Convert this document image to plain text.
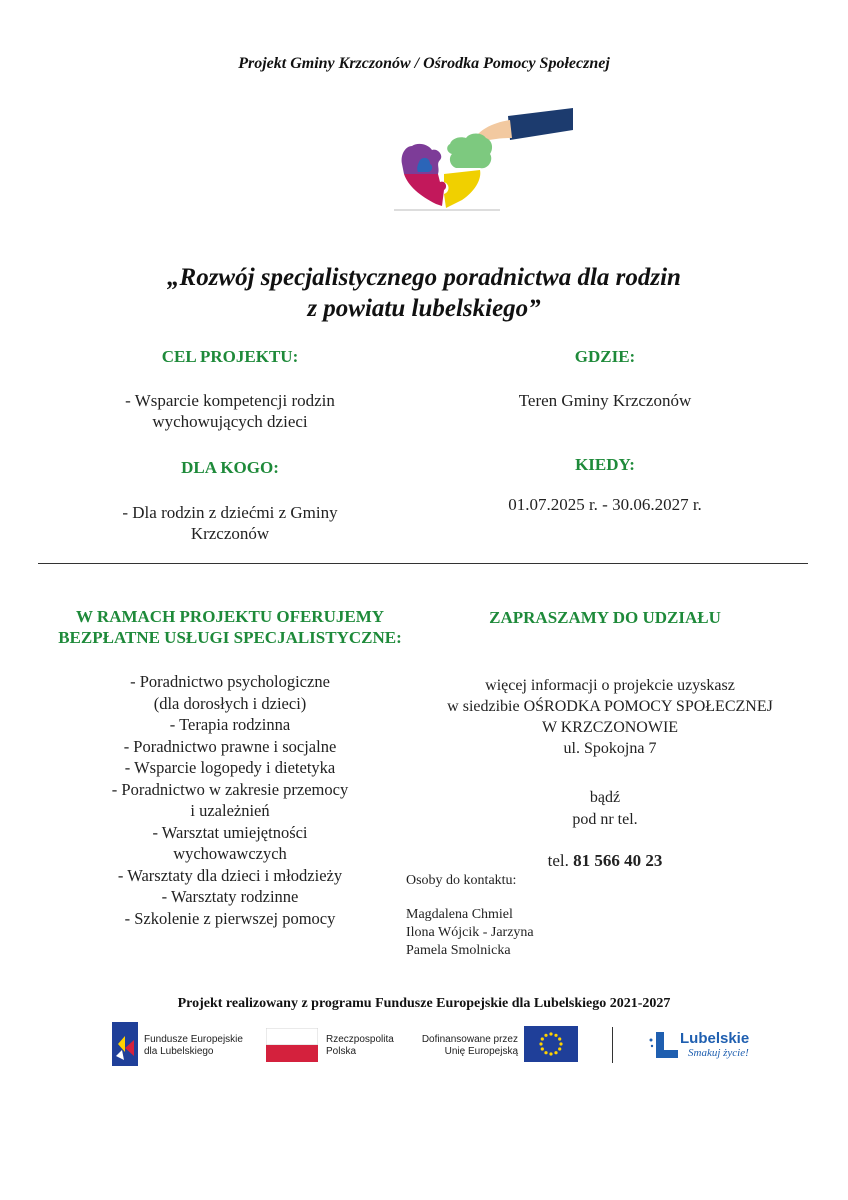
Projekt Gminy Krzczonów / Ośrodka Pomocy Społecznej
„Rozwój specjalistycznego poradnictwa dla rodzin
z powiatu lubelskiego”
CEL PROJEKTU:
- Wsparcie kompetencji rodzin
wychowujących dzieci
DLA KOGO:
- Dla rodzin z dziećmi z Gminy
Krzczonów
GDZIE:
Teren Gminy Krzczonów
KIEDY:
01.07.2025 r. - 30.06.2027 r.
W RAMACH PROJEKTU OFERUJEMY
BEZPŁATNE USŁUGI SPECJALISTYCZNE:
- Poradnictwo psychologiczne
(dla dorosłych i dzieci)
- Terapia rodzinna
- Poradnictwo prawne i socjalne
- Wsparcie logopedy i dietetyka
- Poradnictwo w zakresie przemocy
i uzależnień
- Warsztat umiejętności
wychowawczych
- Warsztaty dla dzieci i młodzieży
- Warsztaty rodzinne
- Szkolenie z pierwszej pomocy
ZAPRASZAMY DO UDZIAŁU
więcej informacji o projekcie uzyskasz
w siedzibie OŚRODKA POMOCY SPOŁECZNEJ
W KRZCZONOWIE
ul. Spokojna 7
bądź
pod nr tel.
tel. 81 566 40 23
Osoby do kontaktu:
Magdalena Chmiel
Ilona Wójcik - Jarzyna
Pamela Smolnicka
Projekt realizowany z programu Fundusze Europejskie dla Lubelskiego 2021-2027
Fundusze Europejskie
dla Lubelskiego
Rzeczpospolita
Polska
Dofinansowane przez
Unię Europejską
Lubelskie
Smakuj życie!
